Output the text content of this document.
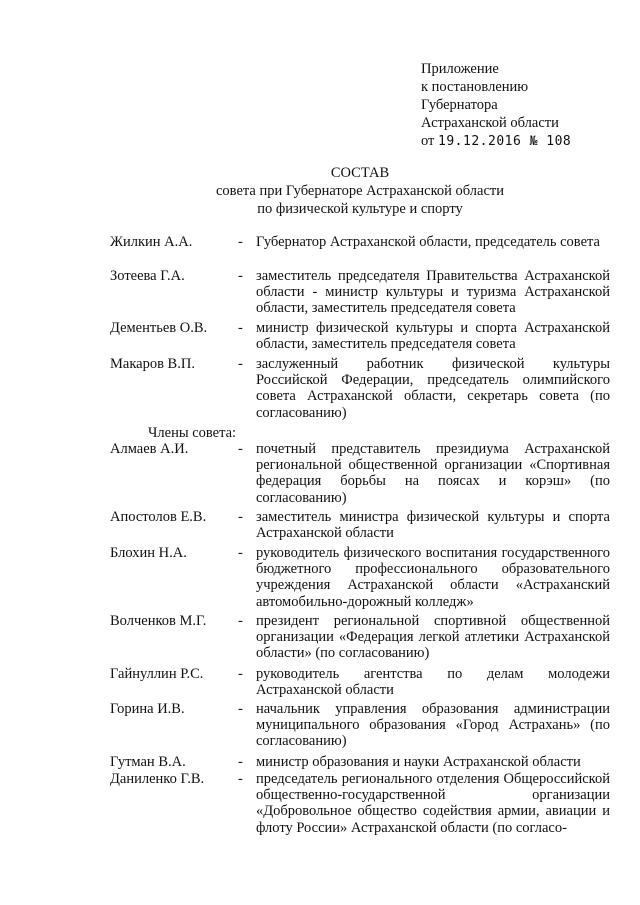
Приложение
к постановлению
Губернатора
Астраханской области
от 19.12.2016 № 108
СОСТАВ
совета при Губернаторе Астраханской области
по физической культуре и спорту
Жилкин А.А.	- Губернатор Астраханской области, председатель совета
Зотеева Г.А.	- заместитель председателя Правительства Астраханской области - министр культуры и туризма Астраханской области, заместитель председателя совета
Дементьев О.В. - министр физической культуры и спорта Астраханской области, заместитель председателя совета
Макаров В.П.	- заслуженный работник физической культуры Российской Федерации, председатель олимпийского совета Астраханской области, секретарь совета (по согласованию)
Члены совета:
Алмаев А.И.	- почетный представитель президиума Астраханской региональной общественной организации «Спортивная федерация борьбы на поясах и корэш» (по согласованию)
Апостолов Е.В. - заместитель министра физической культуры и спорта Астраханской области
Блохин Н.А.	- руководитель физического воспитания государственного бюджетного профессионального образовательного учреждения Астраханской области «Астраханский автомобильно-дорожный колледж»
Волченков М.Г. - президент региональной спортивной общественной организации «Федерация легкой атлетики Астраханской области» (по согласованию)
Гайнуллин Р.С. - руководитель агентства по делам молодежи Астраханской области
Горина И.В.	- начальник управления образования администрации муниципального образования «Город Астрахань» (по согласованию)
Гутман В.А.	- министр образования и науки Астраханской области
Даниленко Г.В. - председатель регионального отделения Общероссийской общественно-государственной организации «Добровольное общество содействия армии, авиации и флоту России» Астраханской области (по согласо-
